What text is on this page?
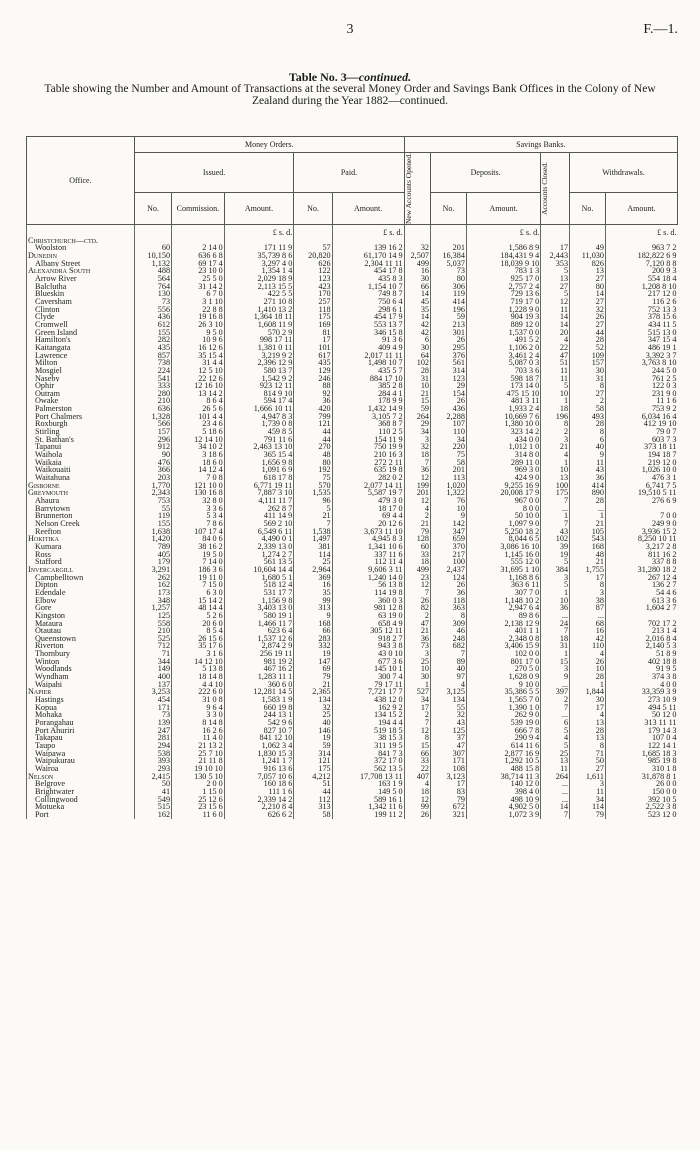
3	F.—1.
Table No. 3—continued.
Table showing the Number and Amount of Transactions at the several Money Order and Savings Bank Offices in the Colony of New Zealand during the Year 1882—continued.
Office.	Money Orders.					Savings Banks.					
	Issued.			Paid.		New Accounts Opened.	Deposits.		Accounts Closed.	Withdrawals.	
	No.	Commission.	Amount.	No.	Amount.		No.	Amount.		No.	Amount.
			£ s. d.		£ s. d.			£ s. d.			£ s. d.
Christchurch—ctd.											
Woolston	60	2 14 0	171 11 9	57	139 16 2	32	201	1,586 8 9	17	49	963 7 2
Dunedin	10,150	636 6 8	35,739 8 6	20,820	61,170 14 9	2,507	16,384	184,431 9 4	2,443	11,030	182,822 6 9
Albany Street	1,132	69 17 4	3,297 4 0	626	2,304 11 11	499	5,037	18,039 9 10	353	826	7,120 8 8
Alexandra South	488	23 10 0	1,354 1 4	122	454 17 8	16	73	783 1 3	5	13	200 9 3
Arrow River	564	25 5 0	2,029 18 9	123	435 8 3	30	80	925 17 0	13	27	554 18 4
Balclutha	764	31 14 2	2,113 15 5	423	1,154 10 7	66	306	2,757 2 4	27	80	1,208 8 10
Blueskin	130	6 7 0	422 5 5	170	749 8 7	14	119	729 13 6	5	14	217 12 0
Caversham	73	3 1 10	271 10 8	257	750 6 4	45	414	719 17 0	12	27	116 2 6
Clinton	556	22 8 8	1,410 13 2	118	298 6 1	35	196	1,228 9 0	11	32	752 13 3
Clyde	436	19 16 8	1,364 18 11	175	454 17 9	14	59	904 19 3	14	26	378 15 6
Cromwell	612	26 3 10	1,608 11 9	169	553 13 7	42	213	889 12 0	14	27	434 11 5
Green Island	155	9 5 0	570 2 9	81	346 15 8	42	301	1,537 0 0	20	44	515 13 0
Hamilton's	282	10 9 6	998 17 11	17	91 3 6	6	26	491 5 2	4	28	347 15 4
Kaitangata	435	16 12 6	1,381 0 11	101	409 4 9	30	295	1,106 2 0	22	52	486 19 1
Lawrence	857	35 15 4	3,219 9 2	617	2,017 11 11	64	376	3,461 2 4	47	109	3,392 3 7
Milton	738	31 4 4	2,396 12 9	435	1,498 10 7	102	561	5,087 0 3	51	157	3,763 8 10
Mosgiel	224	12 5 10	580 13 7	129	435 5 7	28	314	703 3 6	11	30	244 5 0
Naseby	541	22 12 6	1,542 9 2	246	884 17 10	31	123	598 18 7	11	31	761 2 5
Ophir	333	12 16 10	923 12 11	88	385 2 8	10	29	173 14 0	5	8	122 0 3
Outram	280	13 14 2	814 9 10	92	284 4 1	21	154	475 15 10	10	27	231 9 0
Owake	210	8 6 4	594 17 4	36	178 9 9	15	26	481 3 11	1	2	11 1 6
Palmerston	636	26 5 6	1,666 10 11	420	1,432 14 9	59	436	1,933 2 4	18	58	753 9 2
Port Chalmers	1,328	101 4 4	4,947 8 3	799	3,105 7 2	264	2,288	10,669 7 6	196	493	6,034 16 4
Roxburgh	566	23 4 6	1,739 0 8	121	368 8 7	29	107	1,380 10 0	8	28	412 19 10
Stirling	157	5 18 6	459 8 5	44	110 2 5	34	110	323 14 2	2	8	79 0 7
St. Bathan's	296	12 14 10	791 11 6	44	154 11 9	3	34	434 0 0	3	6	603 7 3
Tapanui	912	34 10 2	2,463 13 10	270	750 19 9	32	220	1,012 1 0	21	40	373 18 11
Waihola	90	3 18 6	365 15 4	48	210 16 3	18	75	314 8 0	4	9	194 18 7
Waikaia	476	18 6 0	1,656 9 8	80	272 2 11	7	58	289 11 0	1	11	219 12 0
Waikouaiti	366	14 12 4	1,091 6 9	192	635 19 8	36	201	969 3 0	10	43	1,026 10 0
Waitahuna	203	7 0 8	618 17 8	75	282 0 2	12	113	424 9 0	13	36	476 3 1
Gisborne	1,770	121 10 0	6,771 19 11	570	2,077 14 11	199	1,020	9,255 16 9	100	414	6,741 7 5
Greymouth	2,343	130 16 8	7,887 3 10	1,535	5,587 19 7	201	1,322	20,008 17 9	175	890	19,510 5 11
Ahaura	753	32 8 0	4,111 11 7	96	479 3 0	12	76	967 0 0	7	28	276 6 9
Barrytown	55	3 3 6	262 8 7	5	18 17 0	4	10	8 0 0	...	...	
Brunnerton	119	5 3 4	411 14 9	21	69 4 4	2	9	50 10 0	1	1	7 0 0
Nelson Creek	155	7 8 6	569 2 10	7	20 12 6	21	142	1,097 9 0	7	21	249 9 0
Reefton	1,638	107 17 4	6,549 6 11	1,538	3,673 11 10	79	347	5,250 18 2	43	105	3,936 15 2
Hokitika	1,420	84 0 6	4,490 0 1	1,497	4,945 8 3	128	659	8,044 6 5	102	543	8,250 10 11
Kumara	789	38 16 2	2,339 13 0	381	1,341 10 6	60	370	3,086 16 10	39	168	3,217 2 8
Ross	405	19 5 0	1,274 2 7	114	337 11 6	33	217	1,145 16 0	19	48	811 16 2
Stafford	179	7 14 0	561 13 5	25	112 11 4	18	100	555 12 0	5	21	337 8 8
Invercargill	3,291	186 3 6	10,604 14 4	2,964	9,606 3 11	499	2,437	31,695 1 10	384	1,755	31,280 18 2
Campbelltown	262	19 11 0	1,680 5 1	369	1,240 14 0	23	124	1,168 8 6	3	17	267 12 4
Dipton	162	7 15 0	518 12 4	16	56 13 8	12	26	363 6 11	5	8	136 2 7
Edendale	173	6 3 0	531 17 7	35	114 19 8	7	36	307 7 0	1	3	54 4 6
Elbow	348	15 14 2	1,156 9 8	99	360 0 3	26	118	1,148 10 2	10	38	613 3 6
Gore	1,257	48 14 4	3,403 13 0	313	981 12 8	82	363	2,947 6 4	36	87	1,604 2 7
Kingston	125	5 2 6	580 19 1	9	63 19 0	2	8	89 8 6	...	...	
Mataura	558	20 6 0	1,466 11 7	168	658 4 9	47	309	2,138 12 9	24	68	702 17 2
Otautau	210	8 5 4	623 6 4	66	305 12 11	21	46	401 1 1	7	16	213 1 4
Queenstown	525	26 15 6	1,537 12 6	283	918 2 7	36	248	2,348 0 8	18	42	2,016 8 4
Riverton	712	35 17 6	2,874 2 9	332	943 3 8	73	682	3,406 15 9	31	110	2,140 5 3
Thornbury	71	3 1 6	256 19 11	19	43 0 10	3	7	102 0 0	1	4	51 8 9
Winton	344	14 12 10	981 19 2	147	677 3 6	25	89	801 17 0	15	26	402 18 8
Woodlands	149	5 13 8	467 16 2	69	145 10 1	10	40	270 5 0	3	10	91 9 5
Wyndham	400	18 14 8	1,283 11 1	79	300 7 4	30	97	1,628 0 9	9	28	374 3 8
Waipahi	137	4 4 10	360 6 0	21	79 17 11	1	4	9 10 0	...	1	4 0 0
Napier	3,253	222 6 0	12,281 14 5	2,365	7,721 17 7	527	3,125	35,386 5 5	397	1,844	33,359 3 9
Hastings	454	31 0 8	1,583 1 9	134	438 12 0	34	134	1,565 7 0	2	30	273 10 9
Kopua	171	9 6 4	660 19 8	32	162 9 2	17	55	1,390 1 0	7	17	494 5 11
Mohaka	73	3 3 0	244 13 1	25	134 15 2	2	32	262 9 0	...	4	50 12 0
Porangahau	139	8 14 8	542 9 6	40	194 4 4	7	43	539 19 0	6	13	313 11 11
Port Ahuriri	247	16 2 6	827 10 7	146	519 18 5	12	125	666 7 8	5	28	179 14 3
Takapau	281	11 4 0	841 12 10	19	38 15 3	8	37	290 9 4	4	13	107 0 4
Taupo	294	21 13 2	1,062 3 4	59	311 19 5	15	47	614 11 6	5	8	122 14 1
Waipawa	538	25 7 10	1,830 15 3	314	841 7 3	66	307	2,877 16 9	25	71	1,685 18 3
Waipukurau	393	21 11 8	1,241 1 7	121	372 17 0	33	171	1,292 10 5	13	50	985 19 8
Wairoa	293	19 10 10	916 13 6	175	562 13 5	22	108	488 15 8	11	27	310 1 8
Nelson	2,415	130 5 10	7,057 10 6	4,212	17,708 13 11	407	3,123	38,714 11 3	264	1,611	31,878 8 1
Belgrove	50	2 0 0	160 18 6	51	163 1 9	4	17	140 12 0	...	3	26 0 0
Brightwater	41	1 15 0	111 1 6	44	149 5 0	18	83	398 4 0	...	11	150 0 0
Collingwood	549	25 12 6	2,339 14 2	112	589 16 1	12	79	498 10 9	...	34	392 10 5
Motueka	515	23 15 6	2,210 8 4	313	1,342 11 6	99	672	4,902 5 0	14	114	2,522 3 8
Port	162	11 6 0	626 6 2	58	199 11 2	26	321	1,072 3 9	7	79	523 12 0
